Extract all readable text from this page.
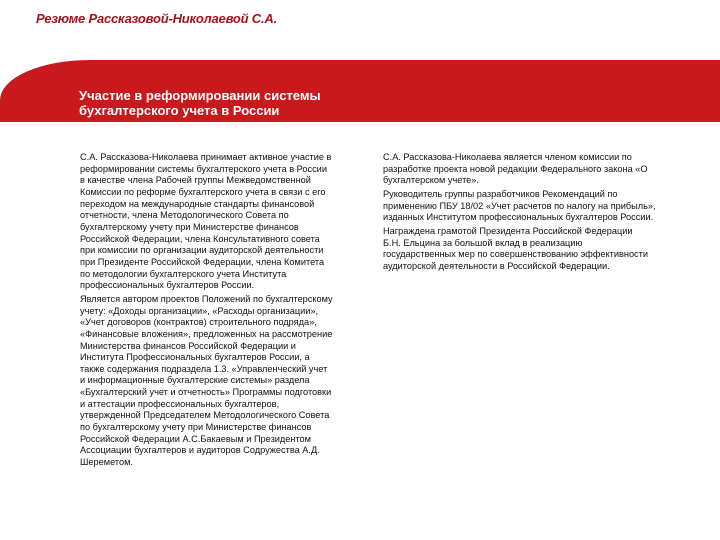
Резюме Рассказовой-Николаевой С.А.
Участие в реформировании системы
бухгалтерского учета в России
С.А. Рассказова-Николаева принимает активное участие в
реформировании системы бухгалтерского учета в России
в качестве члена Рабочей группы Межведомственной
Комиссии по реформе бухгалтерского учета в связи с его
переходом на международные стандарты финансовой
отчетности, члена Методологического Совета по
бухгалтерскому учету при Министерстве финансов
Российской Федерации, члена Консультативного совета
при комиссии по организации аудиторской деятельности
при Президенте Российской Федерации, члена Комитета
по методологии бухгалтерского учета Института
профессиональных бухгалтеров России.
Является автором проектов Положений по бухгалтерскому
учету: «Доходы организации», «Расходы организации»,
«Учет договоров (контрактов) строительного подряда»,
«Финансовые вложения», предложенных на рассмотрение
Министерства финансов Российской Федерации и
Института Профессиональных бухгалтеров России, а
также содержания подраздела 1.3. «Управленческий учет
и информационные бухгалтерские системы» раздела
«Бухгалтерский учет и отчетность» Программы подготовки
и аттестации профессиональных бухгалтеров,
утвержденной Председателем Методологического Совета
по бухгалтерскому учету при Министерстве финансов
Российской Федерации А.С.Бакаевым и Президентом
Ассоциации бухгалтеров и аудиторов Содружества А.Д.
Шереметом.
С.А. Рассказова-Николаева является членом комиссии по
разработке проекта новой редакции Федерального закона «О
бухгалтерском учете».
Руководитель группы разработчиков Рекомендаций по
применению ПБУ 18/02 «Учет расчетов по налогу на прибыль»,
изданных Институтом профессиональных бухгалтеров России.
Награждена грамотой Президента Российской Федерации
Б.Н. Ельцина за большой вклад в реализацию
государственных мер по совершенствованию эффективности
аудиторской деятельности в Российской Федерации.
